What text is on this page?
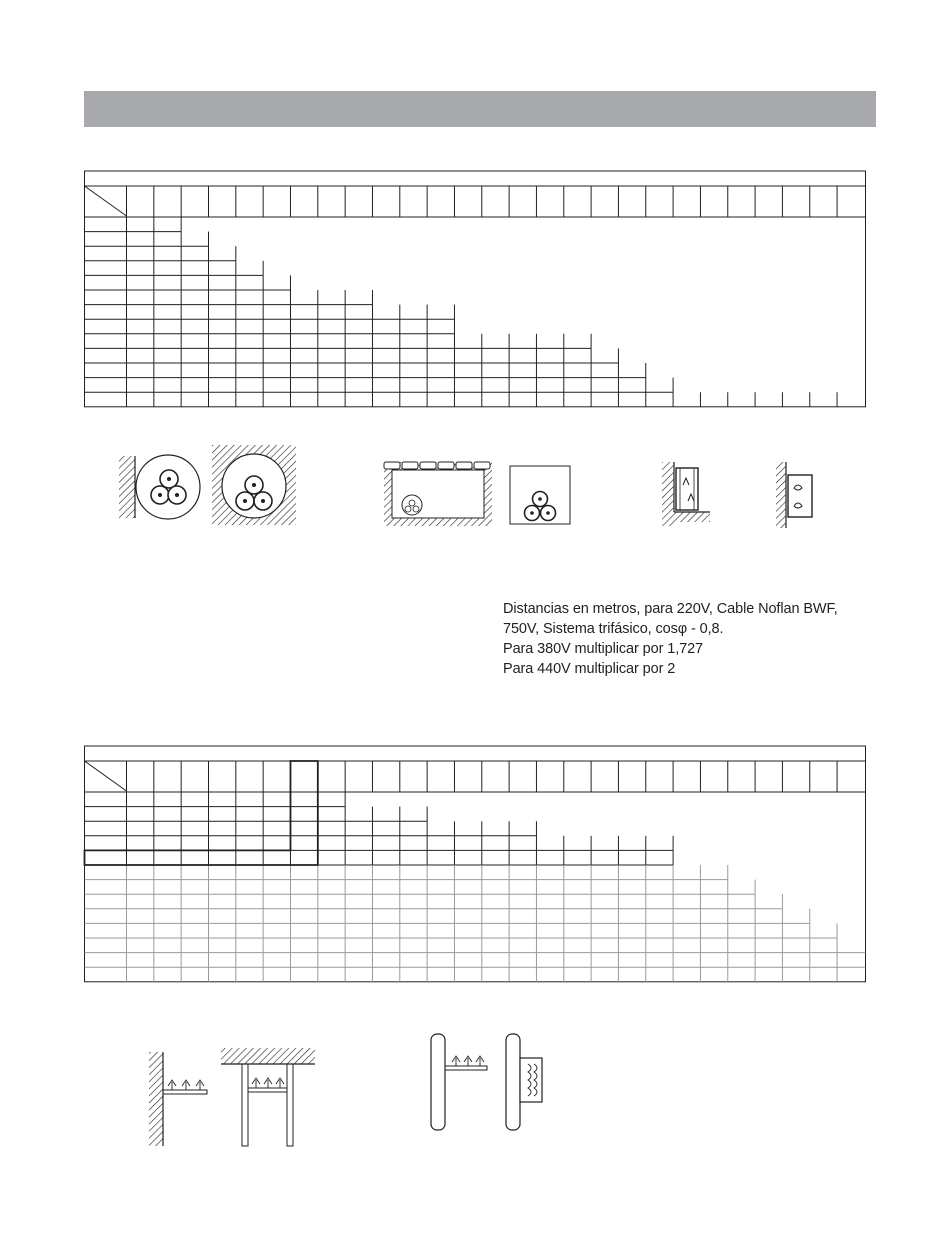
Distancias en metros, para 220V, Cable Noflan BWF,
750V, Sistema trifásico, cosφ - 0,8.
Para 380V multiplicar por 1,727
Para 440V multiplicar por 2
